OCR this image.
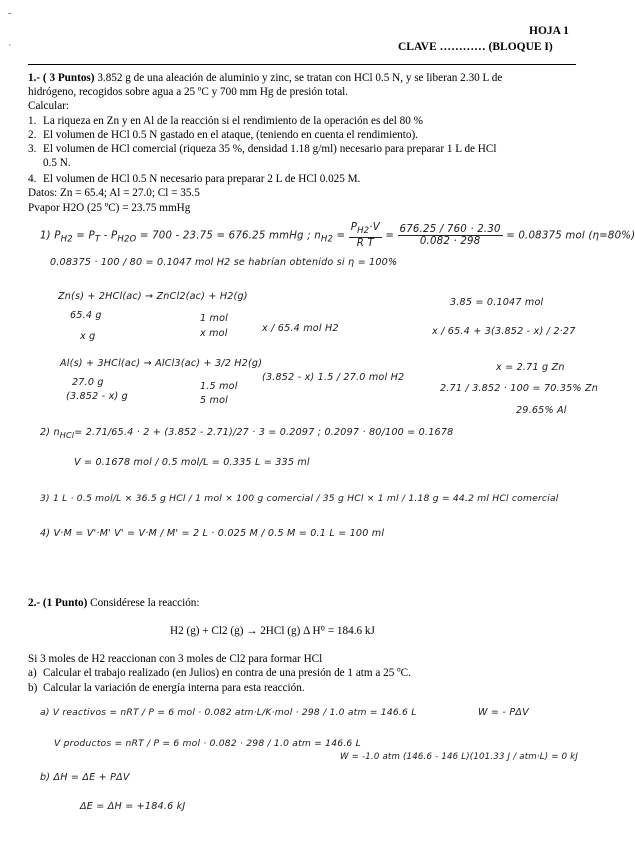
-
`
HOJA 1
CLAVE ………… (BLOQUE I)
1.- ( 3 Puntos) 3.852 g de una aleación de aluminio y zinc, se tratan con HCl 0.5 N, y se liberan 2.30 L de
hidrógeno, recogidos sobre agua a 25 ºC y 700 mm Hg de presión total.
Calcular:
1. La riqueza en Zn y en Al de la reacción si el rendimiento de la operación es del 80 %
2. El volumen de HCl 0.5 N gastado en el ataque, (teniendo en cuenta el rendimiento).
3. El volumen de HCl comercial (riqueza 35 %, densidad 1.18 g/ml) necesario para preparar 1 L de HCl
0.5 N.
4. El volumen de HCl 0.5 N necesario para preparar 2 L de HCl 0.025 M.
Datos: Zn = 65.4; Al = 27.0; Cl = 35.5
Pvapor H2O (25 ºC) = 23.75 mmHg
1) $P_{H2} = P_T - P_{H2O} = 700 - 23.75 = 676.25$ mmHg ; $n_{H2} = \frac{P_{H2}\cdot V}{\text{R T}} = \frac{676.25 / 760 \cdot 2.30}{0.082 \cdot 298} = 0.08375$ mol (η=80%)
0.08375 · 100 / 80 = 0.1047 mol H2 se habrían obtenido si η = 100%
Zn(s) + 2HCl(ac) → ZnCl2(ac) + H2(g)
3.85 = 0.1047 mol
65.4 g	1 mol
x / 65.4 mol H2	x / 65.4 + 3(3.852 - x) / 2·27
x g	x mol
Al(s) + 3HCl(ac) → AlCl3(ac) + 3/2 H2(g)	x = 2.71 g Zn
27.0 g	1.5 mol
(3.852 - x) 1.5 / 27.0 mol H2
2.71 / 3.852 · 100 = 70.35% Zn
(3.852 - x) g	5 mol
29.65% Al
2) $n_{HCl}= 2.71/65.4 \cdot 2 + (3.852 - 2.71)/27 \cdot 3 = 0.2097$ ; 0.2097 · 80/100 = 0.1678
V = 0.1678 mol / 0.5 mol/L = 0.335 L = 335 ml
3) 1 L · 0.5 mol/L × 36.5 g HCl / 1 mol × 100 g comercial / 35 g HCl × 1 ml / 1.18 g = 44.2 ml HCl comercial
4) V·M = V'·M' V' = V·M / M' = 2 L · 0.025 M / 0.5 M = 0.1 L = 100 ml
2.- (1 Punto) Considérese la reacción:
H2 (g) + Cl2 (g) → 2HCl (g) Δ H⁰ = 184.6 kJ
Si 3 moles de H2 reaccionan con 3 moles de Cl2 para formar HCl
a) Calcular el trabajo realizado (en Julios) en contra de una presión de 1 atm a 25 ºC.
b) Calcular la variación de energía interna para esta reacción.
a) V reactivos = nRT / P = 6 mol · 0.082 atm·L/K·mol · 298 / 1.0 atm = 146.6 L	W = - PΔV
V productos = nRT / P = 6 mol · 0.082 · 298 / 1.0 atm = 146.6 L
W = -1.0 atm (146.6 - 146 L)(101.33 J / atm·L) = 0 kJ
b) ΔH = ΔE + PΔV
ΔE = ΔH = +184.6 kJ
